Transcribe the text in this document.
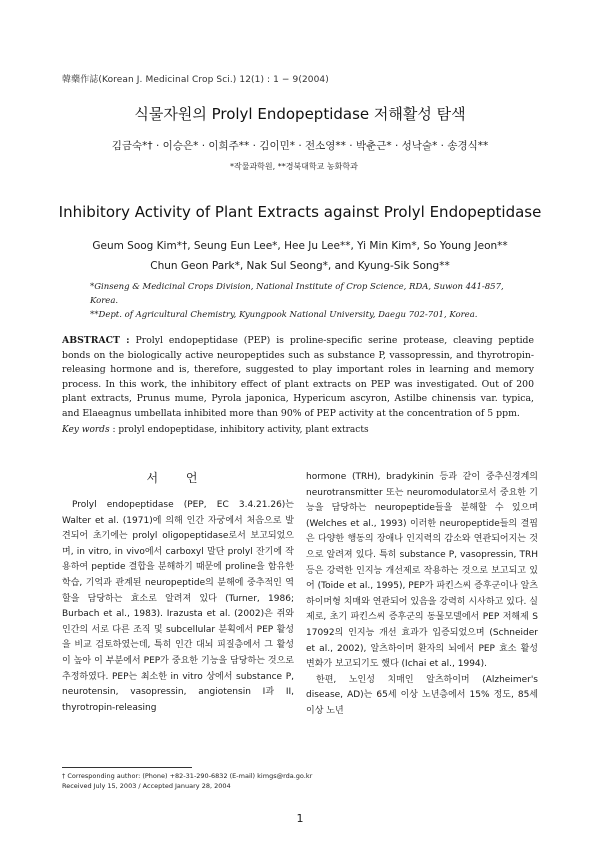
韓藥作誌(Korean J. Medicinal Crop Sci.) 12(1) : 1 − 9(2004)
식물자원의 Prolyl Endopeptidase 저해활성 탐색
김금숙*† · 이승은* · 이희주** · 김이민* · 전소영** · 박춘근* · 성낙술* · 송경식**
*작물과학원, **경북대학교 농화학과
Inhibitory Activity of Plant Extracts against Prolyl Endopeptidase
Geum Soog Kim*†, Seung Eun Lee*, Hee Ju Lee**, Yi Min Kim*, So Young Jeon**
Chun Geon Park*, Nak Sul Seong*, and Kyung-Sik Song**
*Ginseng & Medicinal Crops Division, National Institute of Crop Science, RDA, Suwon 441-857, Korea.
**Dept. of Agricultural Chemistry, Kyungpook National University, Daegu 702-701, Korea.
ABSTRACT : Prolyl endopeptidase (PEP) is proline-specific serine protease, cleaving peptide bonds on the biologically active neuropeptides such as substance P, vassopressin, and thyrotropin-releasing hormone and is, therefore, suggested to play important roles in learning and memory process. In this work, the inhibitory effect of plant extracts on PEP was investigated. Out of 200 plant extracts, Prunus mume, Pyrola japonica, Hypericum ascyron, Astilbe chinensis var. typica, and Elaeagnus umbellata inhibited more than 90% of PEP activity at the concentration of 5 ppm.
Key words : prolyl endopeptidase, inhibitory activity, plant extracts
서 언

Prolyl endopeptidase (PEP, EC 3.4.21.26)는 Walter et al. (1971)에 의해 인간 자궁에서 처음으로 발견되어 초기에는 prolyl oligopeptidase로서 보고되었으며, in vitro, in vivo에서 carboxyl 말단 prolyl 잔기에 작용하여 peptide 결합을 분해하기 때문에 proline을 함유한 학습, 기억과 관계된 neuropeptide의 분해에 중추적인 역할을 담당하는 효소로 알려져 있다 (Turner, 1986; Burbach et al., 1983). Irazusta et al. (2002)은 쥐와 인간의 서로 다른 조직 및 subcellular 분획에서 PEP 활성을 비교 검토하였는데, 특히 인간 대뇌 피질층에서 그 활성이 높아 이 부분에서 PEP가 중요한 기능을 담당하는 것으로 추정하였다. PEP는 최소한 in vitro 상에서 substance P, neurotensin, vasopressin, angiotensin I과 II, thyrotropin-releasing

hormone (TRH), bradykinin 등과 같이 중추신경계의 neurotransmitter 또는 neuromodulator로서 중요한 기능을 담당하는 neuropeptide들을 분해할 수 있으며 (Welches et al., 1993) 이러한 neuropeptide들의 결핍은 다양한 행동의 장애나 인지력의 감소와 연관되어지는 것으로 알려져 있다. 특히 substance P, vasopressin, TRH 등은 강력한 인지능 개선제로 작용하는 것으로 보고되고 있어 (Toide et al., 1995), PEP가 파킨스씨 증후군이나 알츠하이머형 치매와 연관되어 있음을 강력히 시사하고 있다. 실제로, 초기 파킨스씨 증후군의 동물모델에서 PEP 저해제 S 17092의 인지능 개선 효과가 입증되었으며 (Schneider et al., 2002), 알츠하이머 환자의 뇌에서 PEP 효소 활성 변화가 보고되기도 했다 (Ichai et al., 1994).

한편, 노인성 치매인 알츠하이머 (Alzheimer's disease, AD)는 65세 이상 노년층에서 15% 정도, 85세 이상 노년

† Corresponding author: (Phone) +82-31-290-6832 (E-mail) kimgs@rda.go.kr
Received July 15, 2003 / Accepted January 28, 2004
1
